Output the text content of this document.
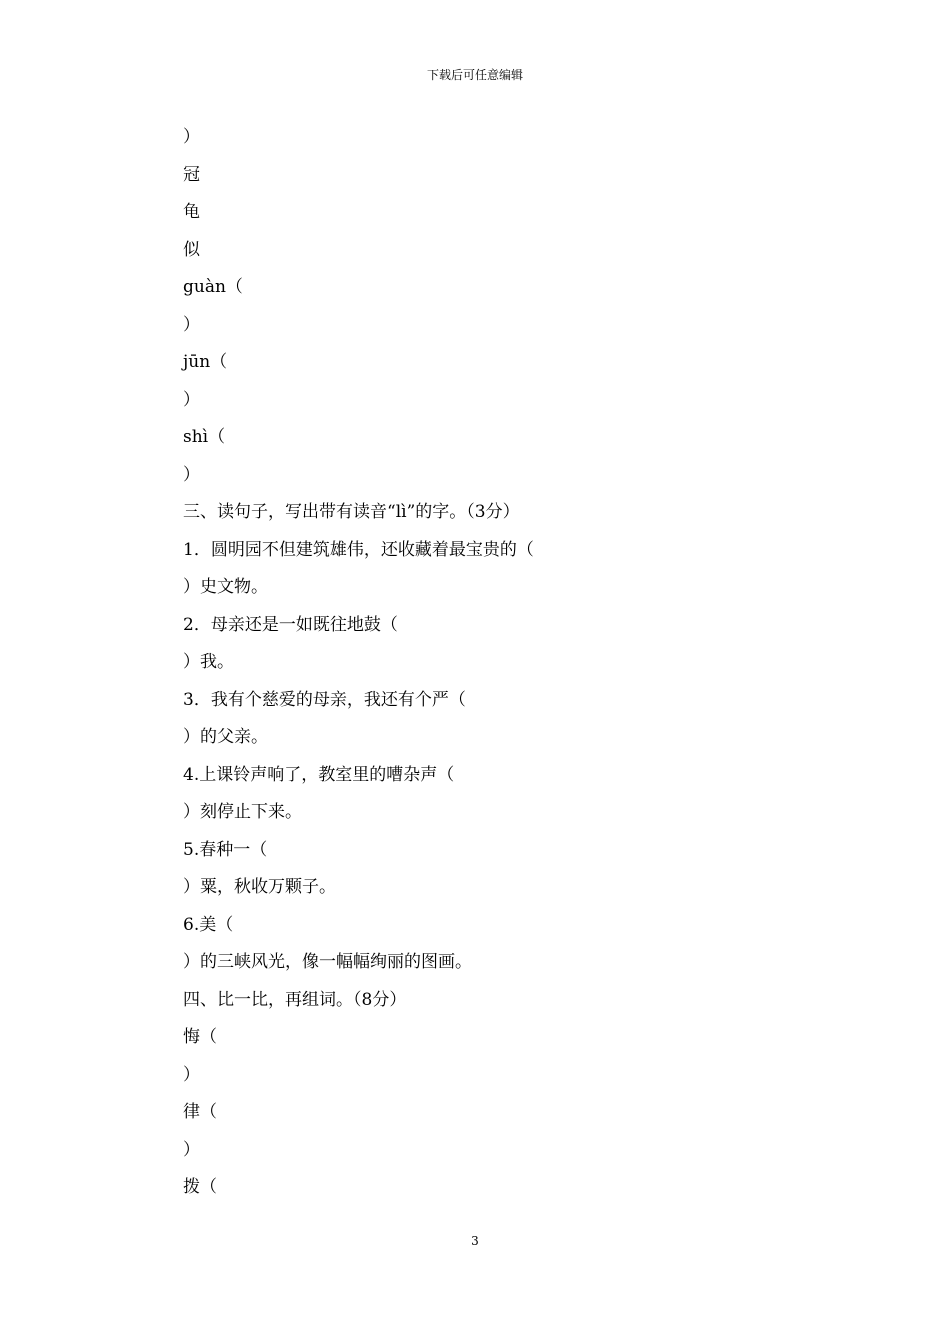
下载后可任意编辑
）
冠
龟
似
guàn（
）
jūn（
）
shì（
）
三、读句子，写出带有读音“lì”的字。（3分）
1．圆明园不但建筑雄伟，还收藏着最宝贵的（
）史文物。
2．母亲还是一如既往地鼓（
）我。
3．我有个慈爱的母亲，我还有个严（
）的父亲。
4.上课铃声响了，教室里的嘈杂声（
）刻停止下来。
5.春种一（
）粟，秋收万颗子。
6.美（
）的三峡风光，像一幅幅绚丽的图画。
四、比一比，再组词。（8分）
悔（
）
律（
）
拨（
3
